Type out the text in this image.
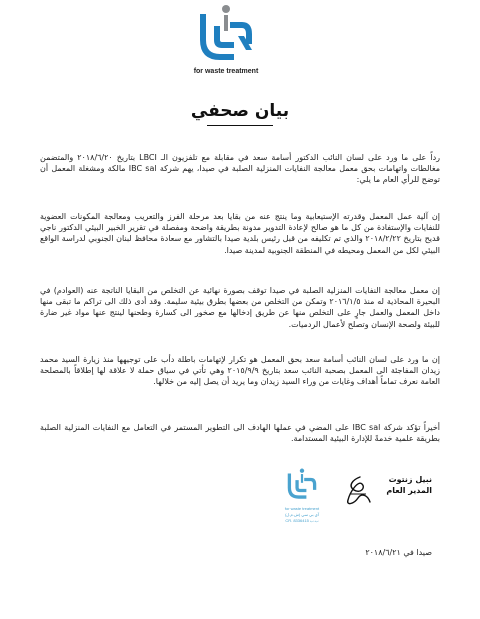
for waste treatment
بيان صحفي
رداً على ما ورد على لسان النائب الدكتور أسامة سعد في مقابلة مع تلفزيون الـ LBCI بتاريخ ٢٠١٨/٦/٢٠ والمتضمن مغالطات واتهامات بحق معمل معالجة النفايات المنزلية الصلبة في صيدا، يهم شركة IBC sal مالكة ومشغلة المعمل أن توضح للرأي العام ما يلي:
إن آلية عمل المعمل وقدرته الإستيعابية وما ينتج عنه من بقايا بعد مرحلة الفرز والتعريب ومعالجة المكونات العضوية للنفايات والإستفادة من كل ما هو صالح لإعادة التدوير مدونة بطريقة واضحة ومفصلة في تقرير الخبير البيئي الدكتور ناجي قديح بتاريخ ٢٠١٨/٢/٢٢ والذي تم تكليفه من قبل رئيس بلدية صيدا بالتشاور مع سعادة محافظ لبنان الجنوبي لدراسة الواقع البيئي لكل من المعمل ومحيطه في المنطقة الجنوبية لمدينة صيدا.
إن معمل معالجة النفايات المنزلية الصلبة في صيدا توقف بصورة نهائية عن التخلص من البقايا الناتجة عنه (العوادم) في البحيرة المحاذية له منذ ٢٠١٦/١/٥ وتمكن من التخلص من بعضها بطرق بيئية سليمة. وقد أدى ذلك الى تراكم ما تبقى منها داخل المعمل والعمل جارٍ على التخلص منها عن طريق إدخالها مع صخور الى كسارة وطحنها لينتج عنها مواد غير ضارة للبيئة ولصحة الإنسان وتصلح لأعمال الردميات.
إن ما ورد على لسان النائب أسامة سعد بحق المعمل هو تكرار لإتهامات باطلة دأب على توجيهها منذ زيارة السيد محمد زيدان المفاجئة الى المعمل بصحبة النائب سعد بتاريخ ٢٠١٥/٩/٩ وهي تأتي في سياق حملة لا علاقة لها إطلاقاً بالمصلحة العامة نعرف تماماً أهداف وغايات من وراء السيد زيدان وما يريد أن يصل إليه من خلالها.
أخيراً تؤكد شركة IBC sal على المضي في عملها الهادف الى التطوير المستمر في التعامل مع النفايات المنزلية الصلبة بطريقة علمية خدمةً للإدارة البيئية المستدامة.
نبيل زنتوت
المدير العام
for waste treatment
آي بي سي (ش.م.ل)
CR. 8336415 ب.ب
صيدا في ٢٠١٨/٦/٢١
